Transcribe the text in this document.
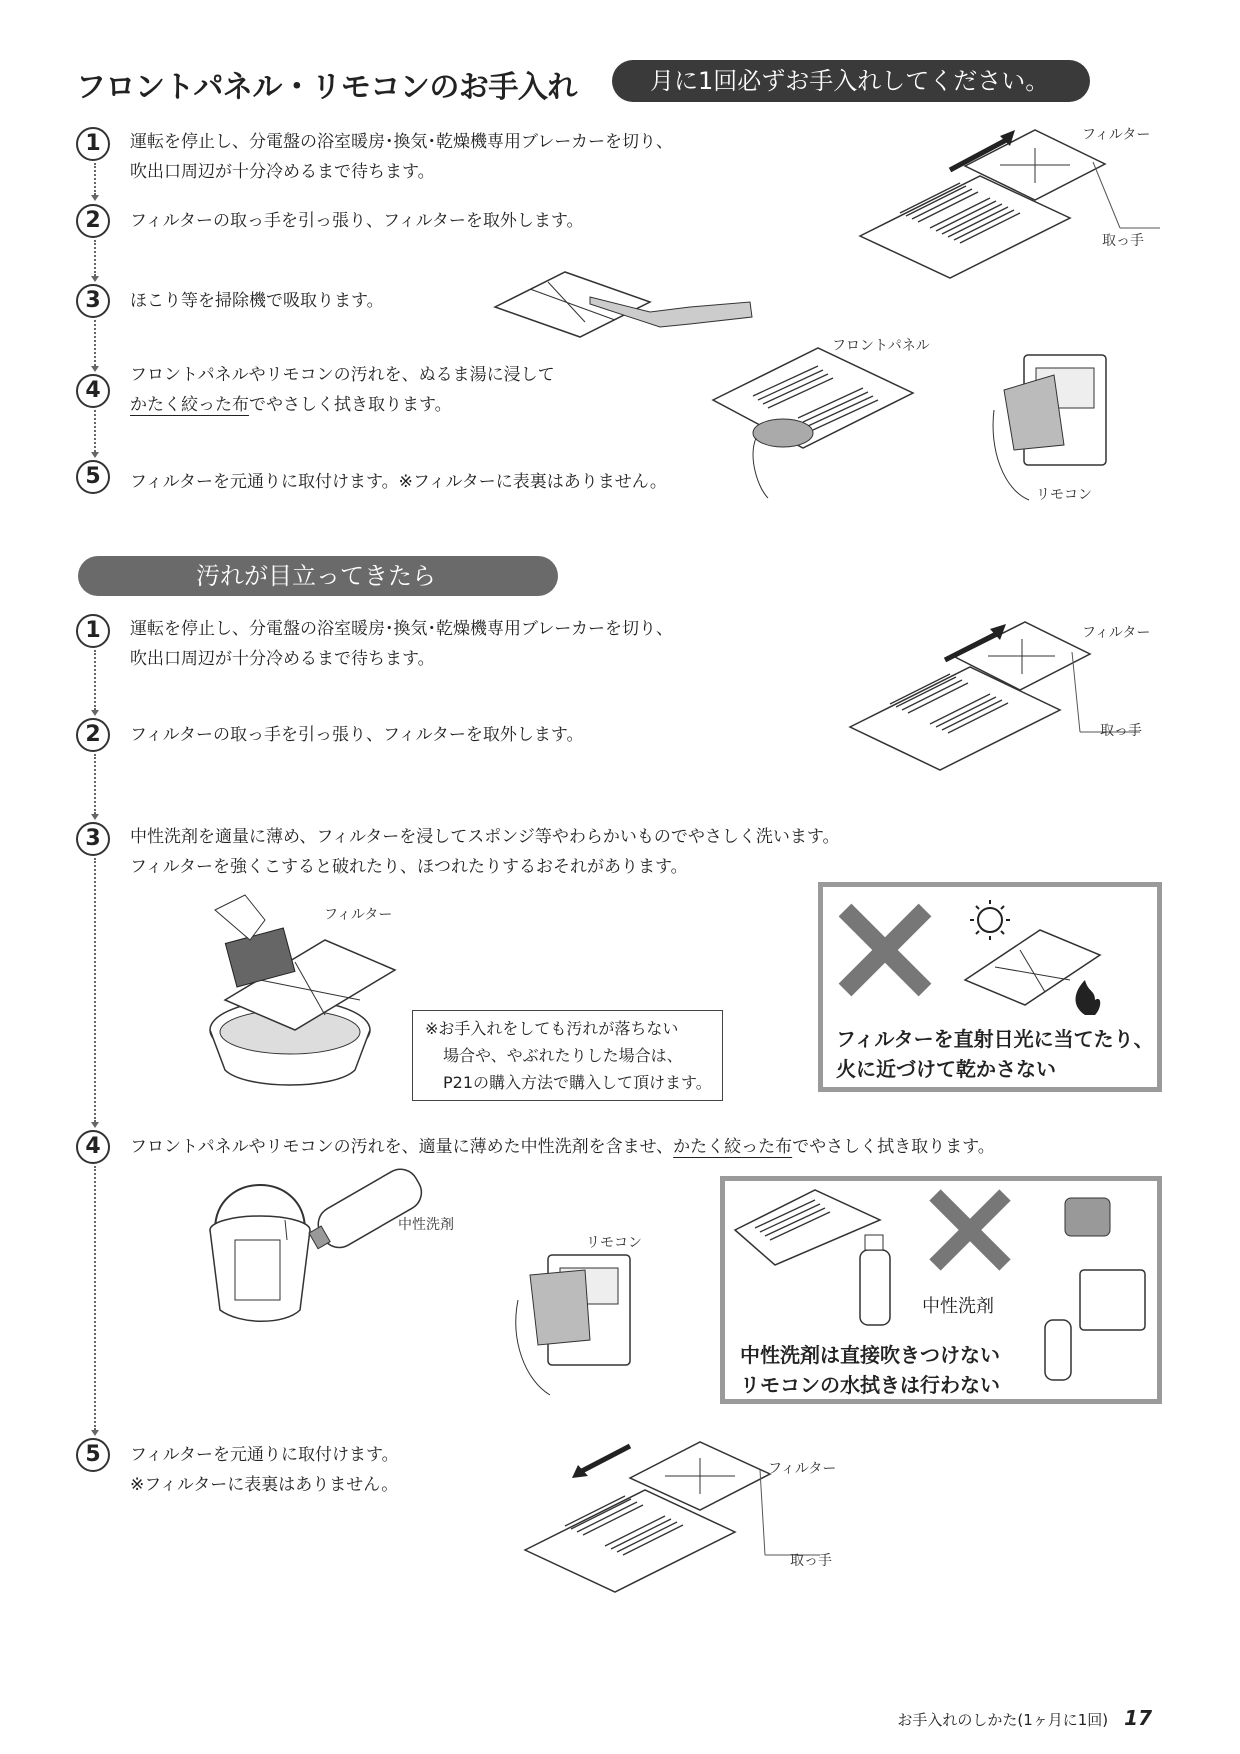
フロントパネル・リモコンのお手入れ	月に1回必ずお手入れしてください。
1	運転を停止し、分電盤の浴室暖房･換気･乾燥機専用ブレーカーを切り、
吹出口周辺が十分冷めるまで待ちます。
2	フィルターの取っ手を引っ張り、フィルターを取外します。
3	ほこり等を掃除機で吸取ります。
4
フロントパネルやリモコンの汚れを、ぬるま湯に浸して
かたく絞った布でやさしく拭き取ります。
5	フィルターを元通りに取付けます。※フィルターに表裏はありません。
フィルター
取っ手
フロントパネル
リモコン
汚れが目立ってきたら
1	運転を停止し、分電盤の浴室暖房･換気･乾燥機専用ブレーカーを切り、
吹出口周辺が十分冷めるまで待ちます。
2	フィルターの取っ手を引っ張り、フィルターを取外します。
3	中性洗剤を適量に薄め、フィルターを浸してスポンジ等やわらかいものでやさしく洗います。
フィルターを強くこすると破れたり、ほつれたりするおそれがあります。
4	フロントパネルやリモコンの汚れを、適量に薄めた中性洗剤を含ませ、かたく絞った布でやさしく拭き取ります。
5	フィルターを元通りに取付けます。
※フィルターに表裏はありません。
フィルター
取っ手
フィルター
※お手入れをしても汚れが落ちない
場合や、やぶれたりした場合は、
P21の購入方法で購入して頂けます。
フィルターを直射日光に当てたり、
火に近づけて乾かさない
中性洗剤
リモコン
中性洗剤
中性洗剤は直接吹きつけない
リモコンの水拭きは行わない
フィルター
取っ手
お手入れのしかた(1ヶ月に1回) 17
